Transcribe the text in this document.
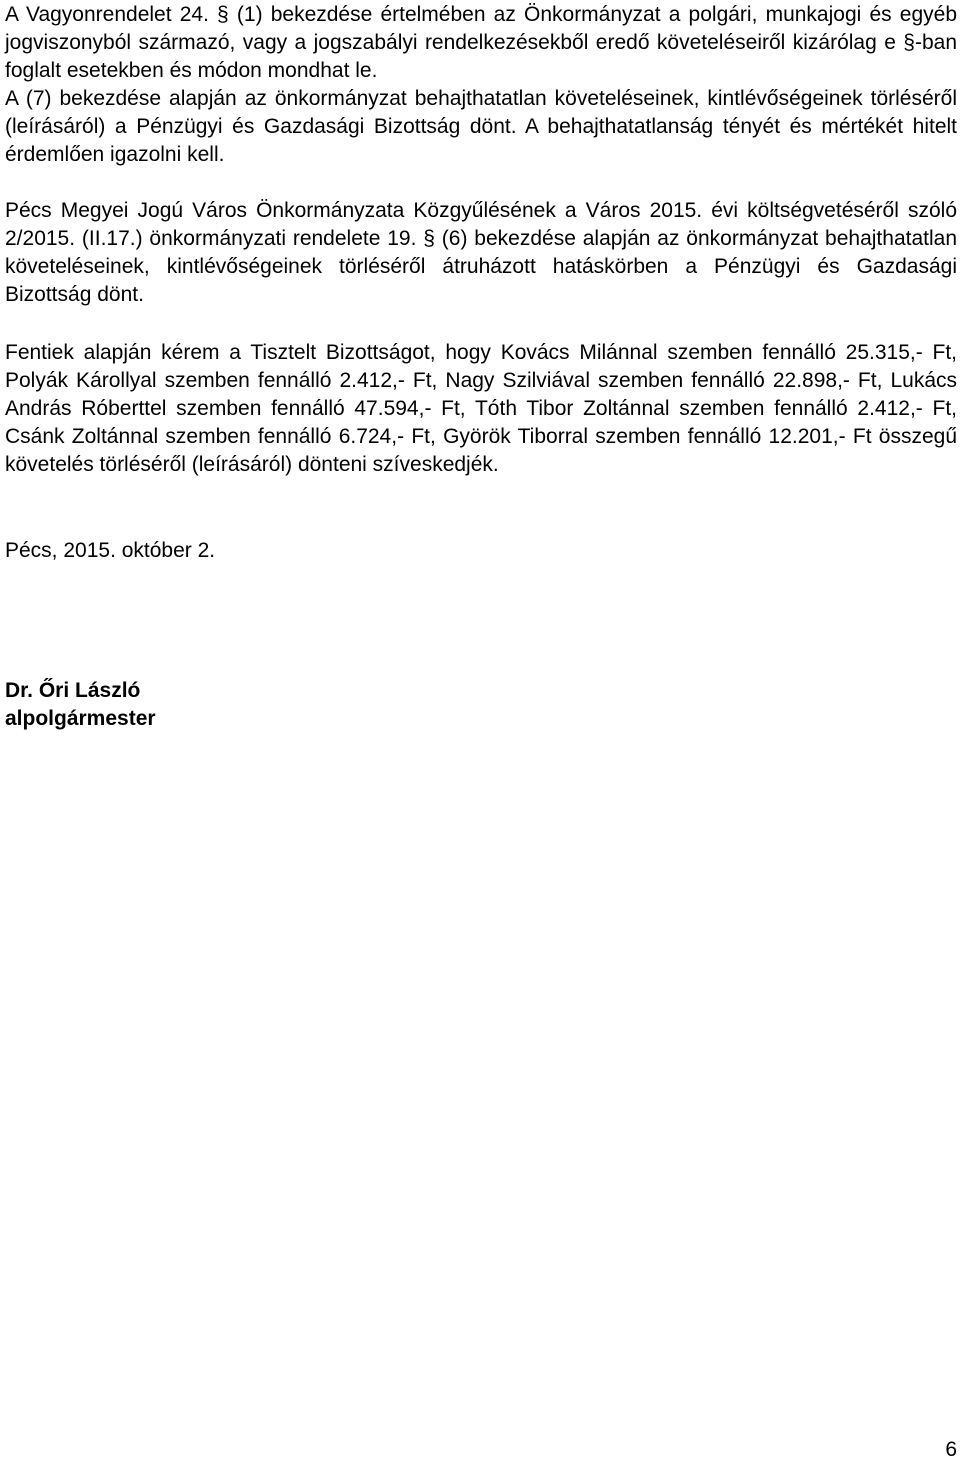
A Vagyonrendelet 24. § (1) bekezdése értelmében az Önkormányzat a polgári, munkajogi és egyéb jogviszonyból származó, vagy a jogszabályi rendelkezésekből eredő követeléseiről kizárólag e §-ban foglalt esetekben és módon mondhat le.

A (7) bekezdése alapján az önkormányzat behajthatatlan követeléseinek, kintlévőségeinek törléséről (leírásáról) a Pénzügyi és Gazdasági Bizottság dönt. A behajthatatlanság tényét és mértékét hitelt érdemlően igazolni kell.

Pécs Megyei Jogú Város Önkormányzata Közgyűlésének a Város 2015. évi költségvetéséről szóló 2/2015. (II.17.) önkormányzati rendelete 19. § (6) bekezdése alapján az önkormányzat behajthatatlan követeléseinek, kintlévőségeinek törléséről átruházott hatáskörben a Pénzügyi és Gazdasági Bizottság dönt.

Fentiek alapján kérem a Tisztelt Bizottságot, hogy Kovács Milánnal szemben fennálló 25.315,- Ft, Polyák Károllyal szemben fennálló 2.412,- Ft, Nagy Szilviával szemben fennálló 22.898,- Ft, Lukács András Róberttel szemben fennálló 47.594,- Ft, Tóth Tibor Zoltánnal szemben fennálló 2.412,- Ft, Csánk Zoltánnal szemben fennálló 6.724,- Ft, Györök Tiborral szemben fennálló 12.201,- Ft összegű követelés törléséről (leírásáról) dönteni szíveskedjék.

Pécs, 2015. október 2.

Dr. Őri László
alpolgármester
6
